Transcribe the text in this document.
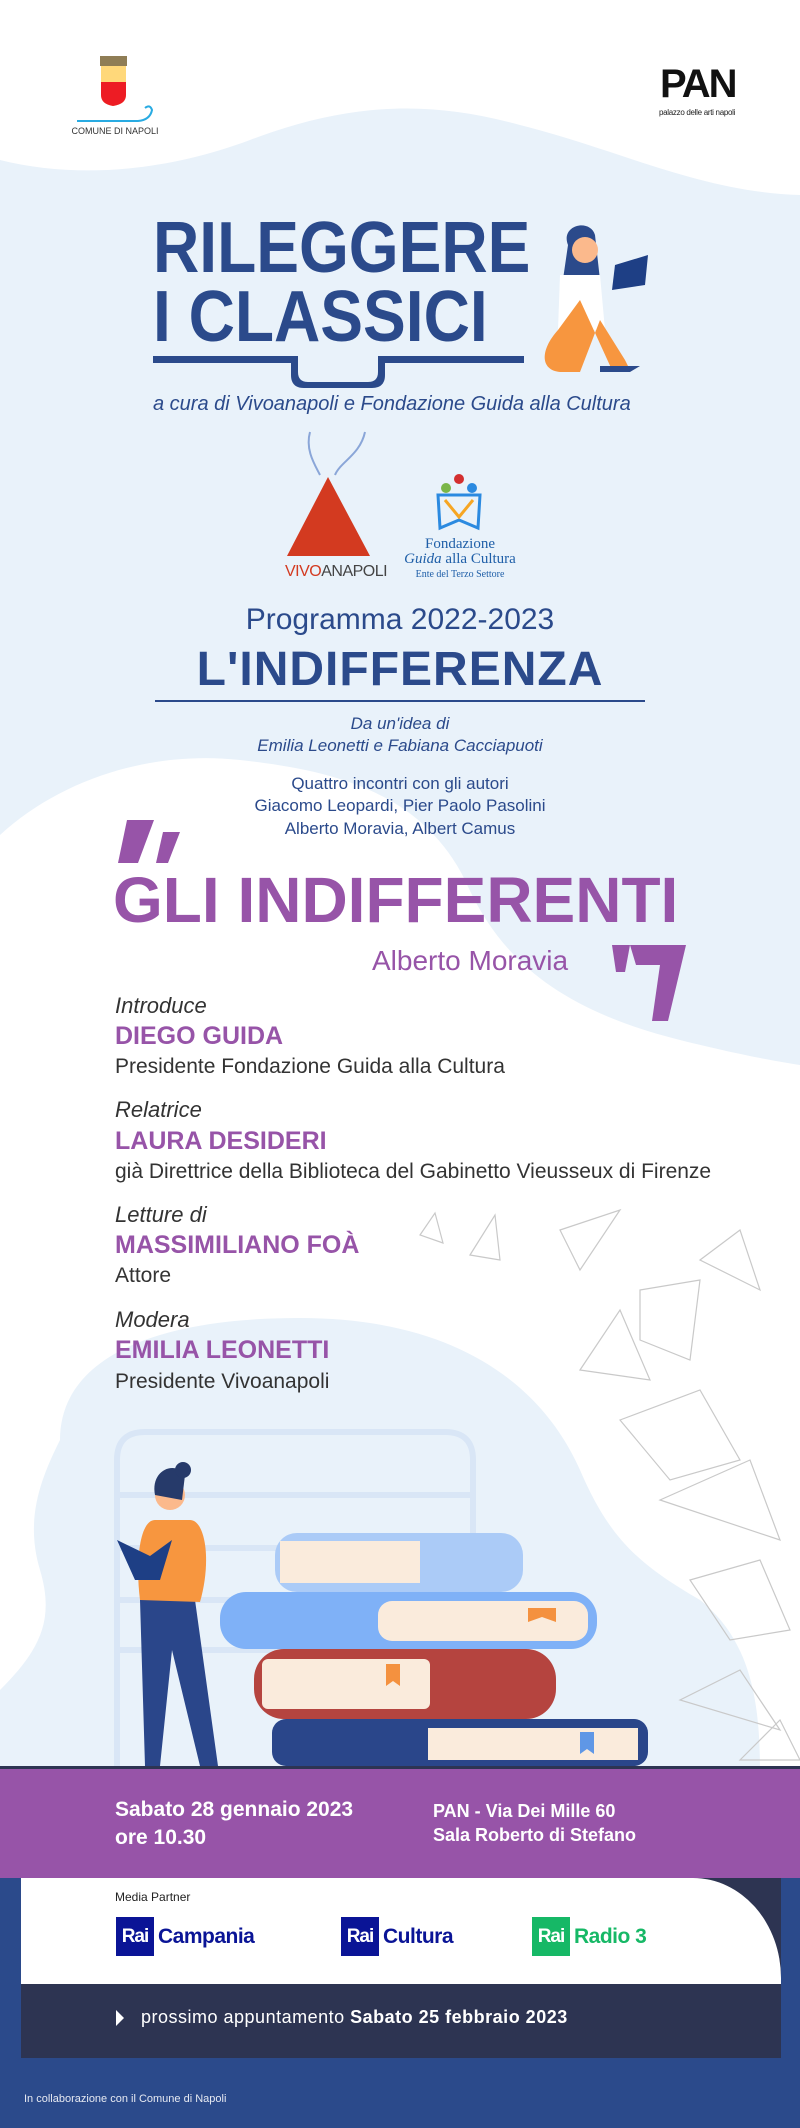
COMUNE DI NAPOLI
PAN
palazzo delle arti napoli
RILEGGERE
I CLASSICI
a cura di Vivoanapoli e Fondazione Guida alla Cultura
VIVOANAPOLI
Fondazione
Guida alla Cultura
Ente del Terzo Settore
Programma 2022-2023
L'INDIFFERENZA
Da un'idea di
Emilia Leonetti e Fabiana Cacciapuoti
Quattro incontri con gli autori
Giacomo Leopardi, Pier Paolo Pasolini
Alberto Moravia, Albert Camus
GLI INDIFFERENTI
Alberto Moravia
Introduce
DIEGO GUIDA
Presidente Fondazione Guida alla Cultura
Relatrice
LAURA DESIDERI
già Direttrice della Biblioteca del Gabinetto Vieusseux di Firenze
Letture di
MASSIMILIANO FOÀ
Attore
Modera
EMILIA LEONETTI
Presidente Vivoanapoli
Sabato 28 gennaio 2023
ore 10.30
PAN - Via Dei Mille 60
Sala Roberto di Stefano
Media Partner
Rai Campania	Rai Cultura	Rai Radio 3
prossimo appuntamento
Sabato 25 febbraio 2023
In collaborazione con il Comune di Napoli
